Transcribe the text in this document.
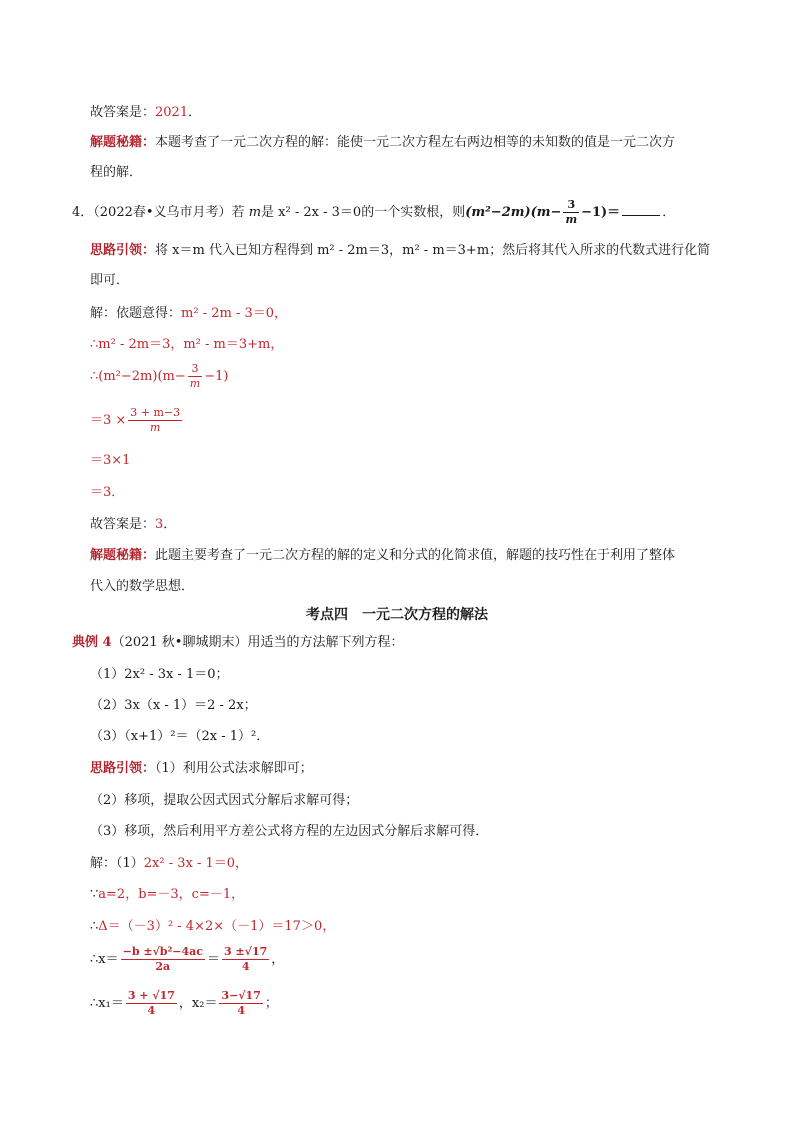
故答案是：2021．
解题秘籍：本题考查了一元二次方程的解：能使一元二次方程左右两边相等的未知数的值是一元二次方
程的解．
4．（2022春•义乌市月考）若 m是 x² - 2x - 3＝0的一个实数根，则$(m^2-2m)(m- \frac{3}{m} -1)=$	．
思路引领：将 x＝m 代入已知方程得到 m² - 2m＝3，m² - m＝3+m；然后将其代入所求的代数式进行化简
即可．
解：依题意得：m² - 2m - 3＝0，
∴m² - 2m＝3，m² - m＝3+m，
∴(m²−2m)(m− $\frac{3}{m} -1$)
$=3 \times \frac{3 + m-3}{m}$
＝3×1
＝3．
故答案是：3．
解题秘籍：此题主要考查了一元二次方程的解的定义和分式的化简求值，解题的技巧性在于利用了整体
代入的数学思想．
考点四　一元二次方程的解法
典例 4（2021 秋•聊城期末）用适当的方法解下列方程：
（1）2x² - 3x - 1＝0；
（2）3x（x - 1）＝2 - 2x；
（3）（x+1）²＝（2x - 1）²．
思路引领：（1）利用公式法求解即可；
（2）移项，提取公因式因式分解后求解可得；
（3）移项，然后利用平方差公式将方程的左边因式分解后求解可得．
解：（1）2x² - 3x - 1＝0，
∵a=2，b=－3，c=－1，
∴Δ＝（－3）² - 4×2×（－1）＝17＞0，
∴x＝ $\frac{\text{−b ±√b²−4ac}}{2a} = \frac{3 \pm√17}{4}$ ，
∴x₁＝ $\frac{3 + √17}{4}$ ，$x_2= \frac{3-√17}{4}$ ；
